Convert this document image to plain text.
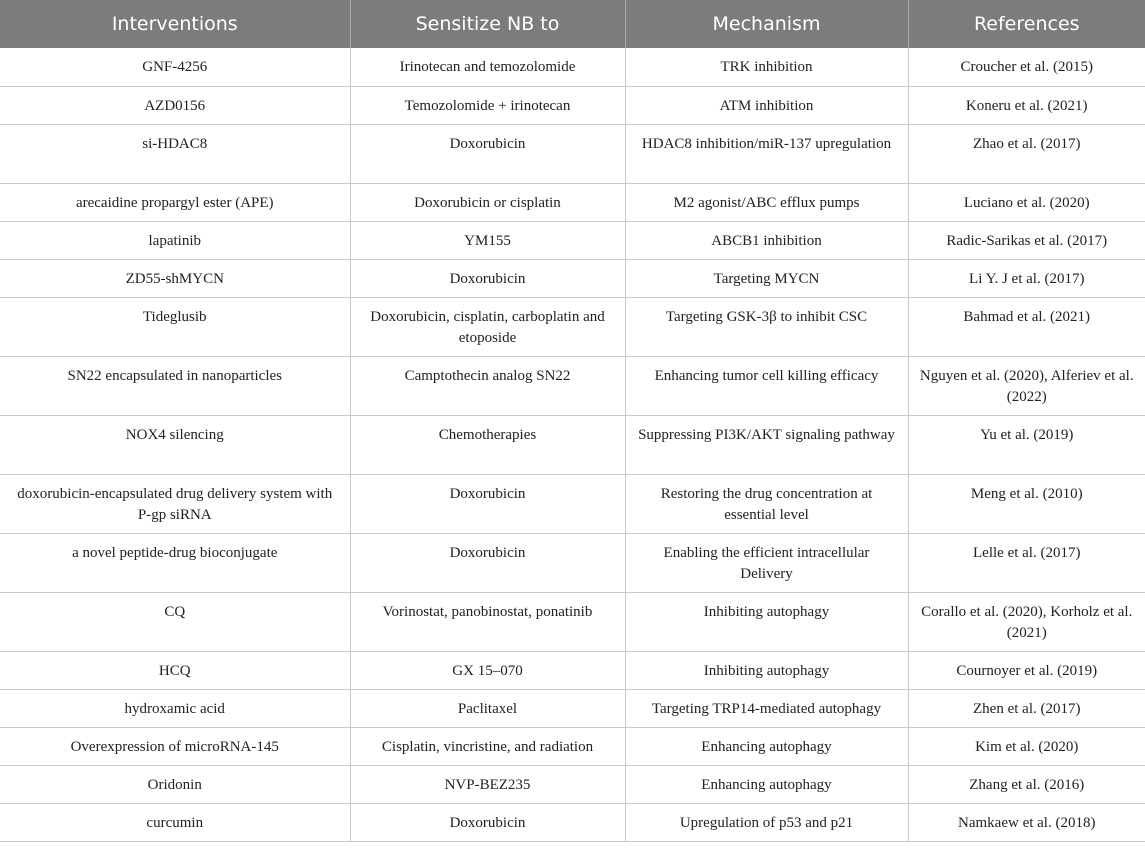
Interventions	Sensitize NB to	Mechanism	References
GNF-4256	Irinotecan and temozolomide	TRK inhibition	Croucher et al. (2015)
AZD0156	Temozolomide + irinotecan	ATM inhibition	Koneru et al. (2021)
si-HDAC8	Doxorubicin	HDAC8 inhibition/miR-137 upregulation	Zhao et al. (2017)
arecaidine propargyl ester (APE)	Doxorubicin or cisplatin	M2 agonist/ABC efflux pumps	Luciano et al. (2020)
lapatinib	YM155	ABCB1 inhibition	Radic-Sarikas et al. (2017)
ZD55-shMYCN	Doxorubicin	Targeting MYCN	Li Y. J et al. (2017)
Tideglusib	Doxorubicin, cisplatin, carboplatin and etoposide	Targeting GSK-3β to inhibit CSC	Bahmad et al. (2021)
SN22 encapsulated in nanoparticles	Camptothecin analog SN22	Enhancing tumor cell killing efficacy	Nguyen et al. (2020), Alferiev et al. (2022)
NOX4 silencing	Chemotherapies	Suppressing PI3K/AKT signaling pathway	Yu et al. (2019)
doxorubicin-encapsulated drug delivery system with P-gp siRNA	Doxorubicin	Restoring the drug concentration at essential level	Meng et al. (2010)
a novel peptide-drug bioconjugate	Doxorubicin	Enabling the efficient intracellular Delivery	Lelle et al. (2017)
CQ	Vorinostat, panobinostat, ponatinib	Inhibiting autophagy	Corallo et al. (2020), Korholz et al. (2021)
HCQ	GX 15–070	Inhibiting autophagy	Cournoyer et al. (2019)
hydroxamic acid	Paclitaxel	Targeting TRP14-mediated autophagy	Zhen et al. (2017)
Overexpression of microRNA-145	Cisplatin, vincristine, and radiation	Enhancing autophagy	Kim et al. (2020)
Oridonin	NVP-BEZ235	Enhancing autophagy	Zhang et al. (2016)
curcumin	Doxorubicin	Upregulation of p53 and p21	Namkaew et al. (2018)
